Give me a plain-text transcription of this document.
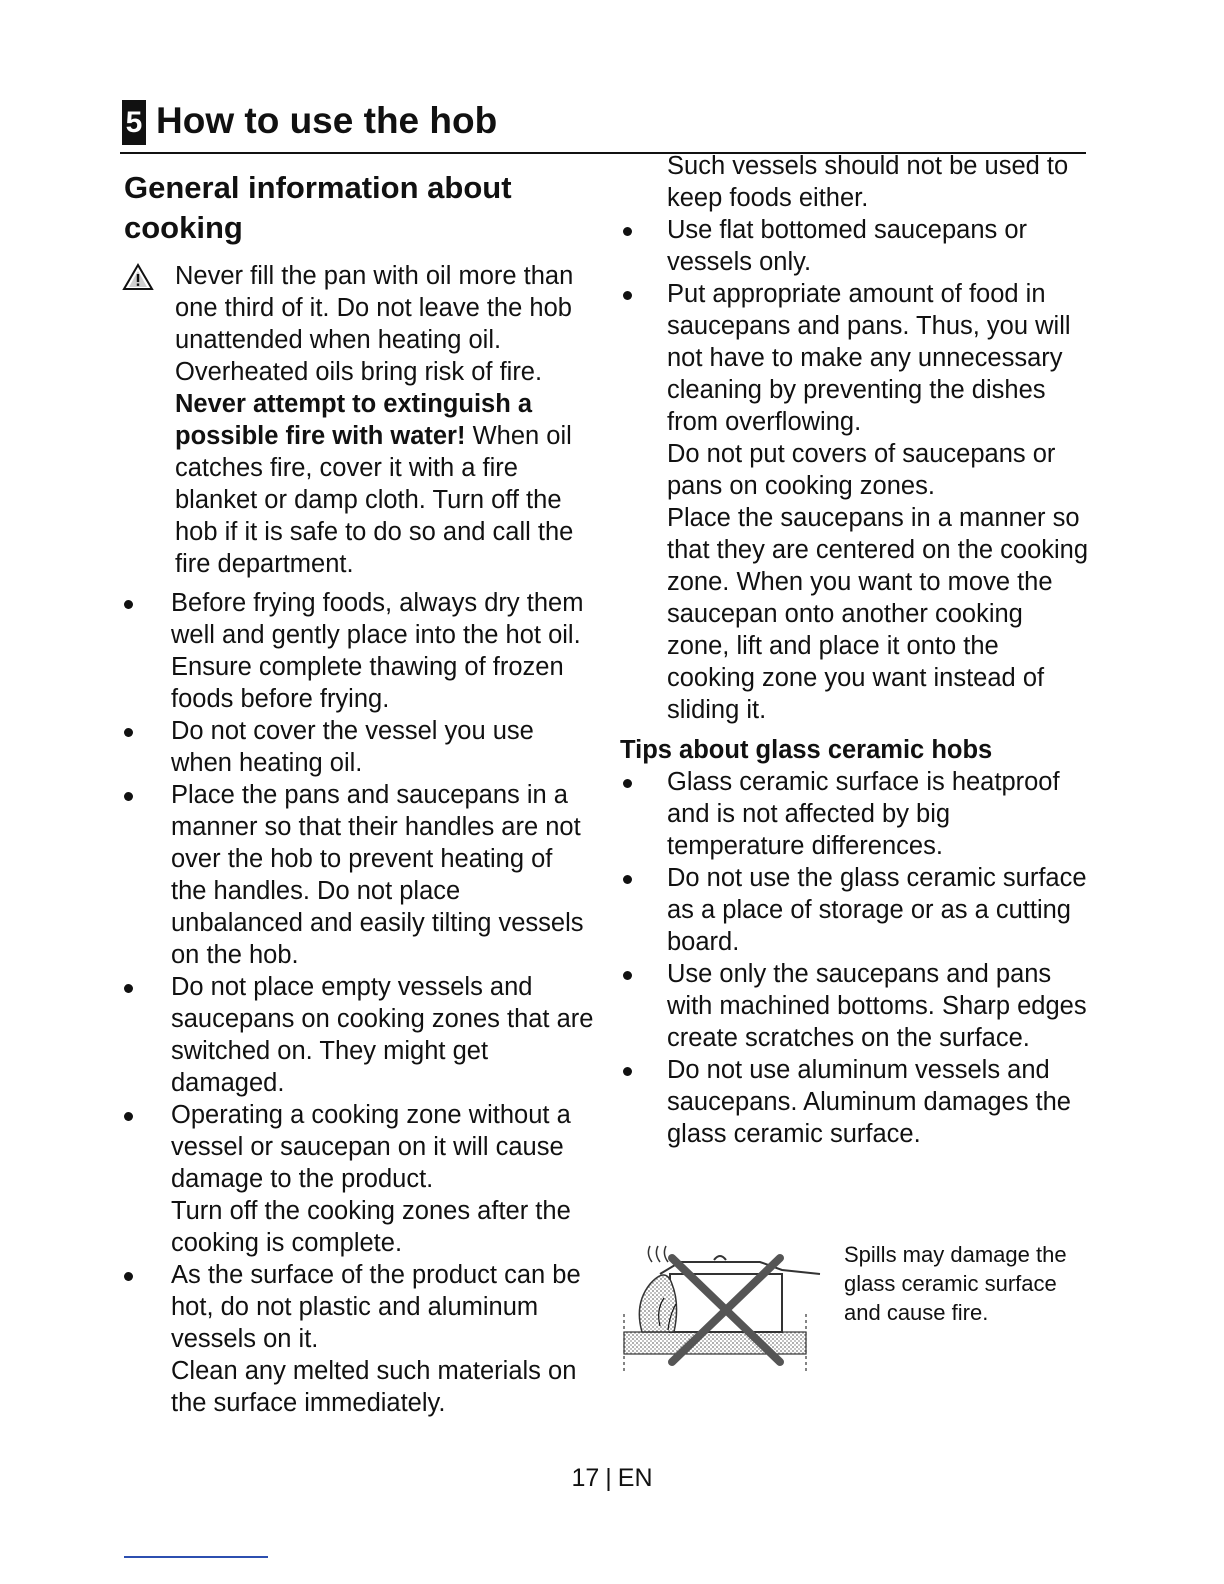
5 How to use the hob
General information about cooking

Never fill the pan with oil more than one third of it. Do not leave the hob unattended when heating oil. Overheated oils bring risk of fire.

Never attempt to extinguish a possible fire with water! When oil catches fire, cover it with a fire blanket or damp cloth. Turn off the hob if it is safe to do so and call the fire department.

Before frying foods, always dry them well and gently place into the hot oil. Ensure complete thawing of frozen foods before frying.
Do not cover the vessel you use when heating oil.
Place the pans and saucepans in a manner so that their handles are not over the hob to prevent heating of the handles. Do not place unbalanced and easily tilting vessels on the hob.
Do not place empty vessels and saucepans on cooking zones that are switched on. They might get damaged.
Operating a cooking zone without a vessel or saucepan on it will cause damage to the product.
Turn off the cooking zones after the cooking is complete.
As the surface of the product can be hot, do not plastic and aluminum vessels on it.
Clean any melted such materials on the surface immediately.
Such vessels should not be used to keep foods either.
Use flat bottomed saucepans or vessels only.
Put appropriate amount of food in saucepans and pans. Thus, you will not have to make any unnecessary cleaning by preventing the dishes from overflowing.
Do not put covers of saucepans or pans on cooking zones.
Place the saucepans in a manner so that they are centered on the cooking zone. When you want to move the saucepan onto another cooking zone, lift and place it onto the cooking zone you want instead of sliding it.
Tips about glass ceramic hobs
Glass ceramic surface is heatproof and is not affected by big temperature differences.
Do not use the glass ceramic surface as a place of storage or as a cutting board.
Use only the saucepans and pans with machined bottoms. Sharp edges create scratches on the surface.
Do not use aluminum vessels and saucepans. Aluminum damages the glass ceramic surface.
Spills may damage the glass ceramic surface and cause fire.
17 | EN
